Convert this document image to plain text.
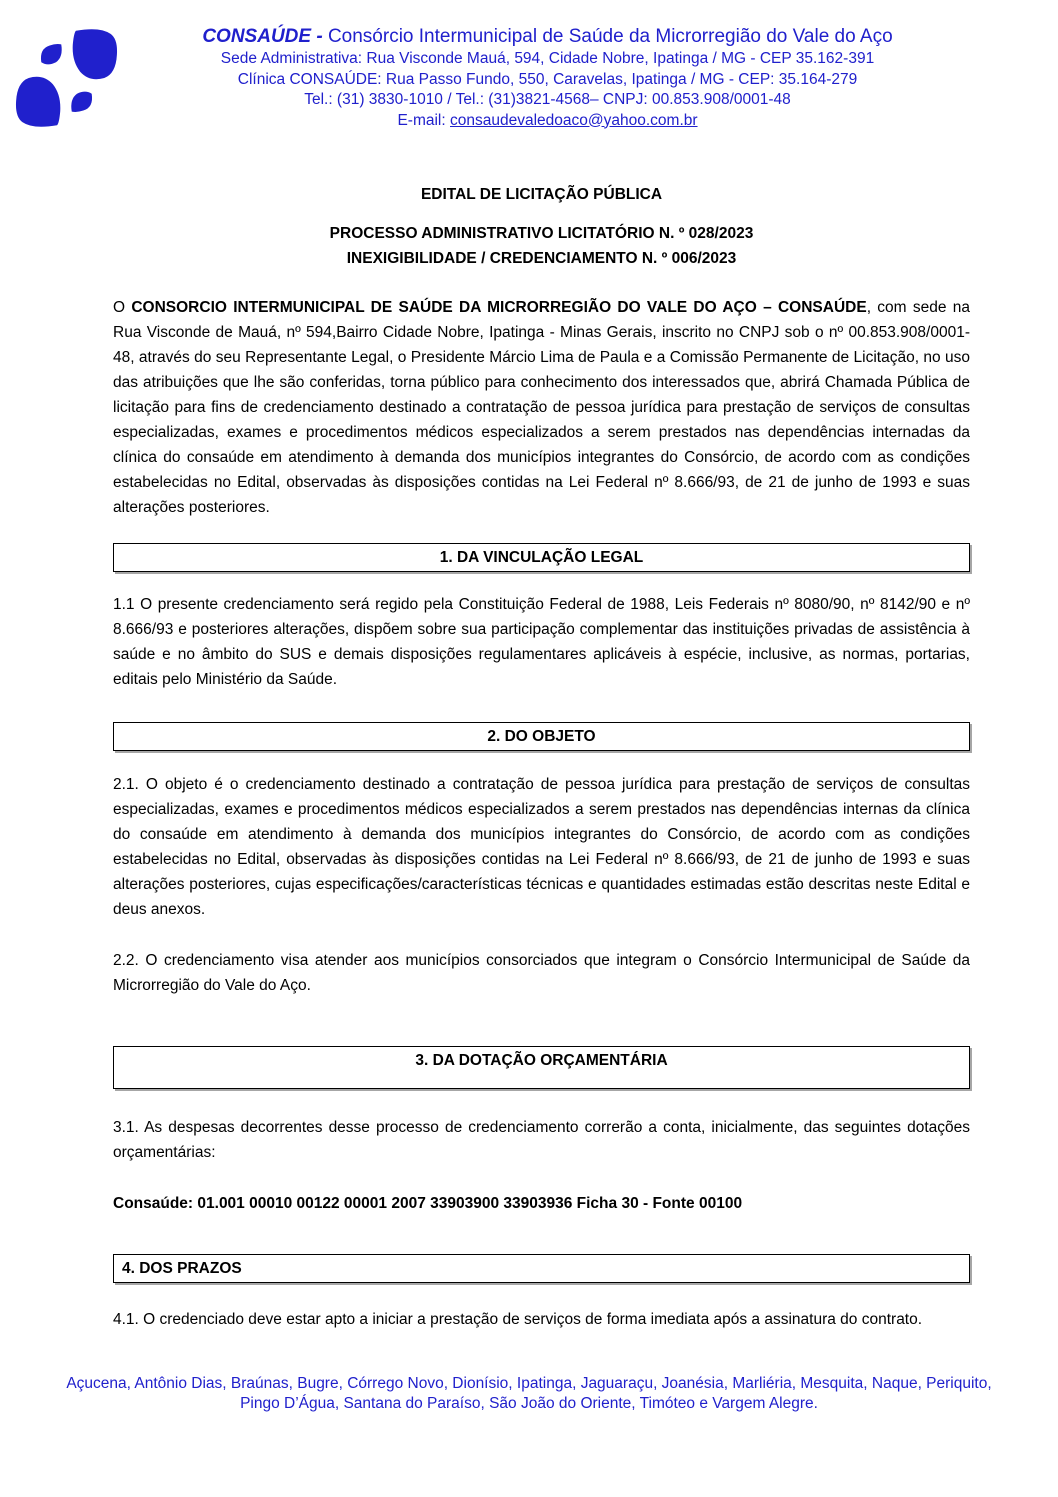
CONSAÚDE - Consórcio Intermunicipal de Saúde da Microrregião do Vale do Aço
Sede Administrativa: Rua Visconde Mauá, 594, Cidade Nobre, Ipatinga / MG - CEP 35.162-391
Clínica CONSAÚDE: Rua Passo Fundo, 550, Caravelas, Ipatinga / MG - CEP: 35.164-279
Tel.: (31) 3830-1010 / Tel.: (31)3821-4568– CNPJ: 00.853.908/0001-48
E-mail: consaudevaledoaco@yahoo.com.br
EDITAL DE LICITAÇÃO PÚBLICA
PROCESSO ADMINISTRATIVO LICITATÓRIO N. º 028/2023
INEXIGIBILIDADE / CREDENCIAMENTO N. º 006/2023

O CONSORCIO INTERMUNICIPAL DE SAÚDE DA MICRORREGIÃO DO VALE DO AÇO – CONSAÚDE, com sede na Rua Visconde de Mauá, nº 594,Bairro Cidade Nobre, Ipatinga - Minas Gerais, inscrito no CNPJ sob o nº 00.853.908/0001-48, através do seu Representante Legal, o Presidente Márcio Lima de Paula e a Comissão Permanente de Licitação, no uso das atribuições que lhe são conferidas, torna público para conhecimento dos interessados que, abrirá Chamada Pública de licitação para fins de credenciamento destinado a contratação de pessoa jurídica para prestação de serviços de consultas especializadas, exames e procedimentos médicos especializados a serem prestados nas dependências internadas da clínica do consaúde em atendimento à demanda dos municípios integrantes do Consórcio, de acordo com as condições estabelecidas no Edital, observadas às disposições contidas na Lei Federal nº 8.666/93, de 21 de junho de 1993 e suas alterações posteriores.

1. DA VINCULAÇÃO LEGAL

1.1 O presente credenciamento será regido pela Constituição Federal de 1988, Leis Federais nº 8080/90, nº 8142/90 e nº 8.666/93 e posteriores alterações, dispõem sobre sua participação complementar das instituições privadas de assistência à saúde e no âmbito do SUS e demais disposições regulamentares aplicáveis à espécie, inclusive, as normas, portarias, editais pelo Ministério da Saúde.

2. DO OBJETO

2.1. O objeto é o credenciamento destinado a contratação de pessoa jurídica para prestação de serviços de consultas especializadas, exames e procedimentos médicos especializados a serem prestados nas dependências internas da clínica do consaúde em atendimento à demanda dos municípios integrantes do Consórcio, de acordo com as condições estabelecidas no Edital, observadas às disposições contidas na Lei Federal nº 8.666/93, de 21 de junho de 1993 e suas alterações posteriores, cujas especificações/características técnicas e quantidades estimadas estão descritas neste Edital e deus anexos.

2.2. O credenciamento visa atender aos municípios consorciados que integram o Consórcio Intermunicipal de Saúde da Microrregião do Vale do Aço.

3. DA DOTAÇÃO ORÇAMENTÁRIA

3.1. As despesas decorrentes desse processo de credenciamento correrão a conta, inicialmente, das seguintes dotações orçamentárias:

Consaúde: 01.001 00010 00122 00001 2007 33903900 33903936 Ficha 30 - Fonte 00100
4. DOS PRAZOS

4.1. O credenciado deve estar apto a iniciar a prestação de serviços de forma imediata após a assinatura do contrato.

Açucena, Antônio Dias, Braúnas, Bugre, Córrego Novo, Dionísio, Ipatinga, Jaguaraçu, Joanésia, Marliéria, Mesquita, Naque, Periquito, Pingo D’Água, Santana do Paraíso, São João do Oriente, Timóteo e Vargem Alegre.
